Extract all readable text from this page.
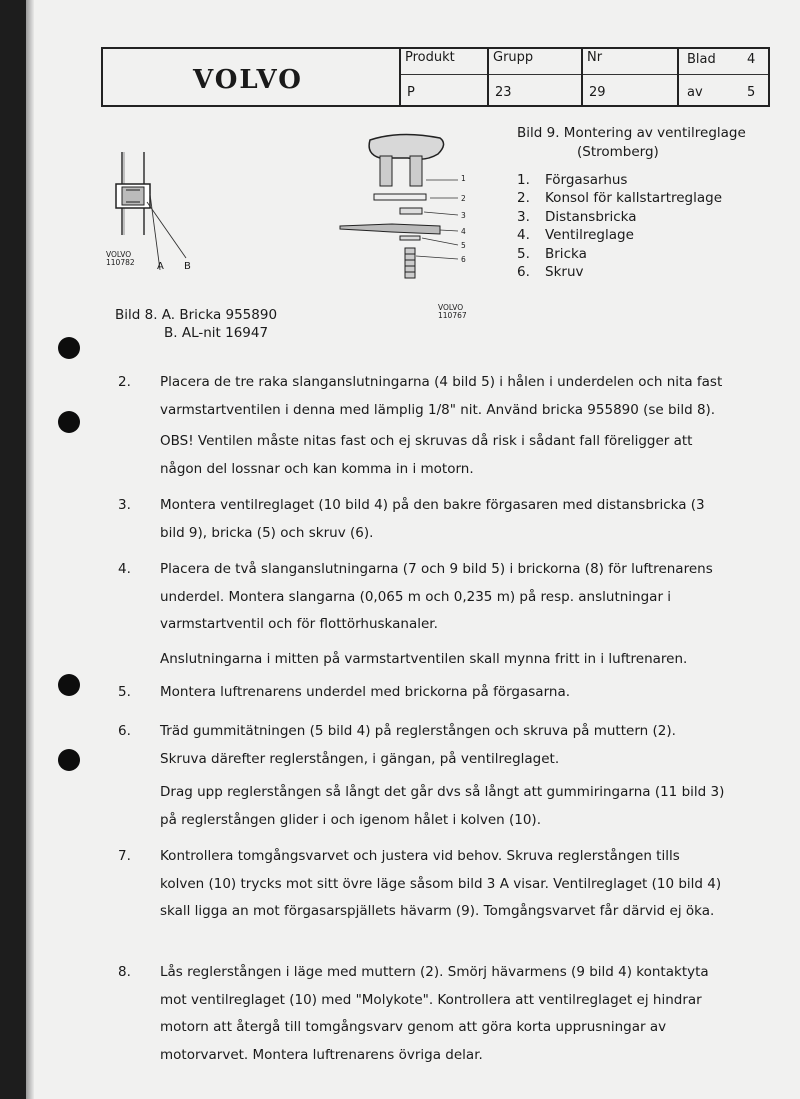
VOLVO
Produkt
P
Grupp
23
Nr
29
Blad 4
av	5
VOLVO
110782 A B
1
2
3
4
5
6
VOLVO
110767
Bild 9. Montering av ventilreglage
(Stromberg)
1. Förgasarhus
2. Konsol för kallstartreglage
3. Distansbricka
4. Ventilreglage
5. Bricka
6. Skruv
Bild 8. A. Bricka 955890
B. AL-nit 16947
2. Placera de tre raka slanganslutningarna (4 bild 5) i hålen i underdelen och nita fast varmstartventilen i denna med lämplig 1/8" nit. Använd bricka 955890 (se bild 8).
OBS! Ventilen måste nitas fast och ej skruvas då risk i sådant fall föreligger att någon del lossnar och kan komma in i motorn.
3. Montera ventilreglaget (10 bild 4) på den bakre förgasaren med distansbricka (3 bild 9), bricka (5) och skruv (6).
4. Placera de två slanganslutningarna (7 och 9 bild 5) i brickorna (8) för luftrenarens underdel. Montera slangarna (0,065 m och 0,235 m) på resp. anslutningar i varmstartventil och för flottörhuskanaler.
Anslutningarna i mitten på varmstartventilen skall mynna fritt in i luftrenaren.
5. Montera luftrenarens underdel med brickorna på förgasarna.
6. Träd gummitätningen (5 bild 4) på reglerstången och skruva på muttern (2). Skruva därefter reglerstången, i gängan, på ventilreglaget.
Drag upp reglerstången så långt det går dvs så långt att gummiringarna (11 bild 3) på reglerstången glider i och igenom hålet i kolven (10).
7. Kontrollera tomgångsvarvet och justera vid behov. Skruva reglerstången tills kolven (10) trycks mot sitt övre läge såsom bild 3 A visar. Ventilreglaget (10 bild 4) skall ligga an mot förgasarspjällets hävarm (9). Tomgångsvarvet får därvid ej öka.
8. Lås reglerstången i läge med muttern (2). Smörj hävarmens (9 bild 4) kontaktyta mot ventilreglaget (10) med "Molykote". Kontrollera att ventilreglaget ej hindrar motorn att återgå till tomgångsvarv genom att göra korta upprusningar av motorvarvet. Montera luftrenarens övriga delar.
